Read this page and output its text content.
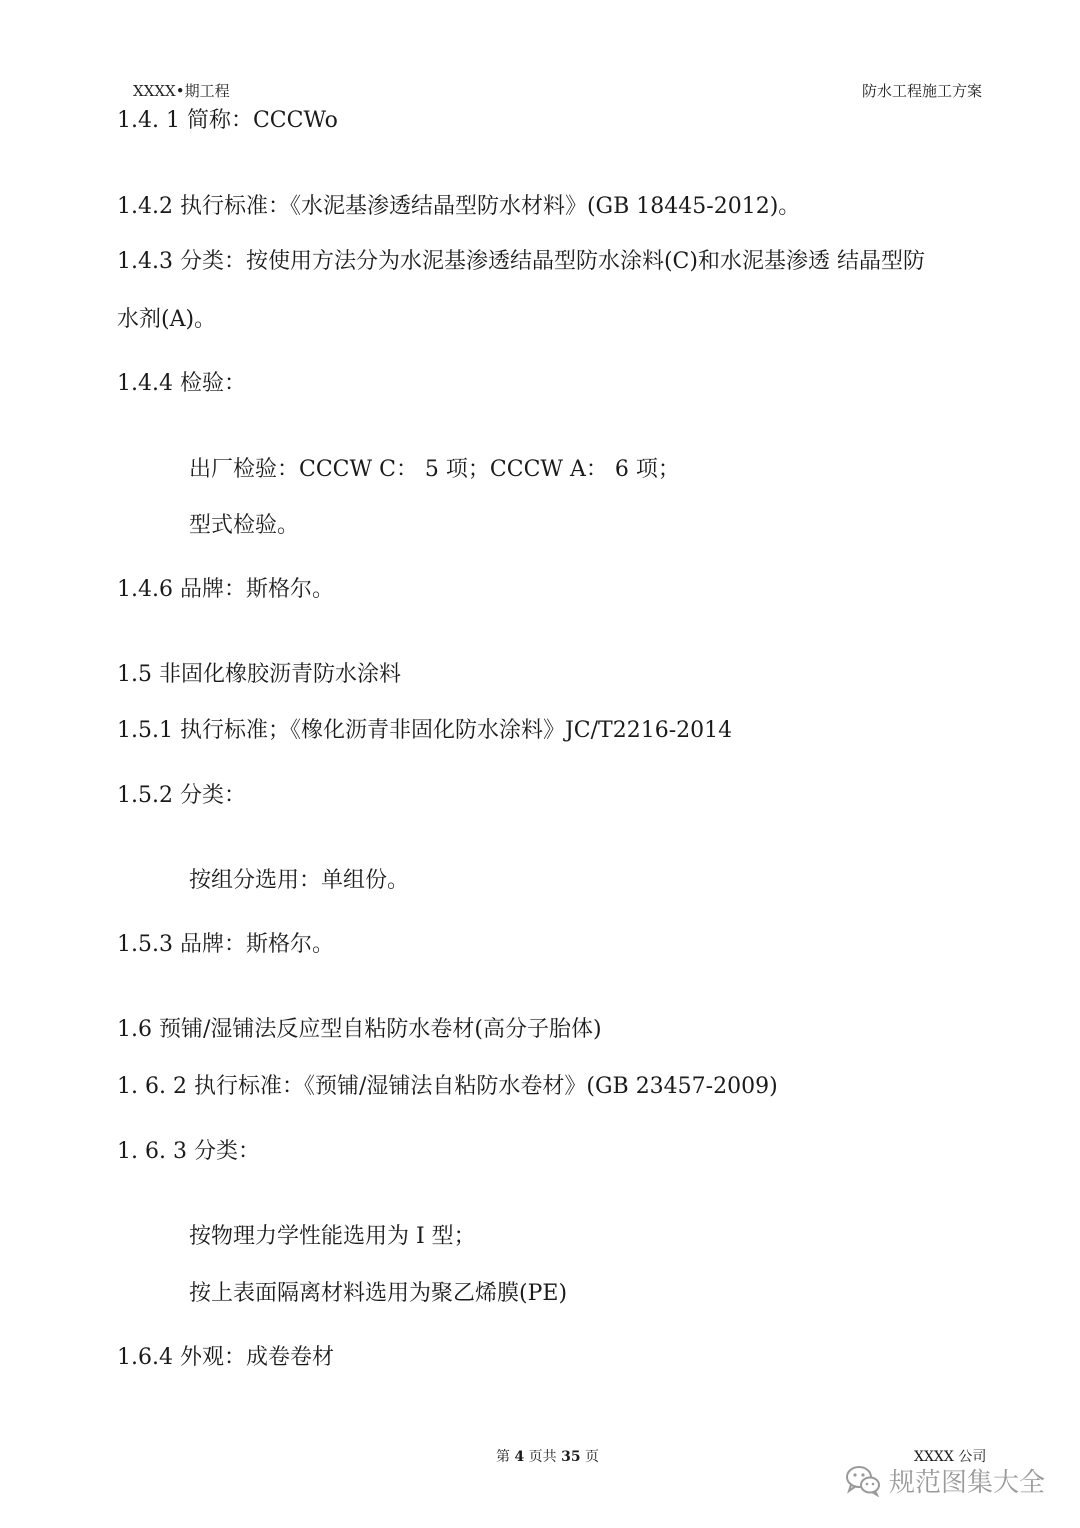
XXXX•期工程	防水工程施工方案
1.4. 1 简称：CCCWo
1.4.2 执行标准：《水泥基渗透结晶型防水材料》(GB 18445-2012)。
1.4.3 分类：按使用方法分为水泥基渗透结晶型防水涂料(C)和水泥基渗透 结晶型防
水剂(A)。
1.4.4 检验：
出厂检验：CCCW C： 5 项；CCCW A： 6 项；
型式检验。
1.4.6 品牌：斯格尔。
1.5 非固化橡胶沥青防水涂料
1.5.1 执行标准；《橡化沥青非固化防水涂料》JC/T2216-2014
1.5.2 分类：
按组分选用：单组份。
1.5.3 品牌：斯格尔。
1.6 预铺/湿铺法反应型自粘防水卷材(高分子胎体)
1. 6. 2 执行标准：《预铺/湿铺法自粘防水卷材》(GB 23457-2009)
1. 6. 3 分类：
按物理力学性能选用为 I 型；
按上表面隔离材料选用为聚乙烯膜(PE)
1.6.4 外观：成卷卷材
第 4 页共 35 页	XXXX 公司
规范图集大全
